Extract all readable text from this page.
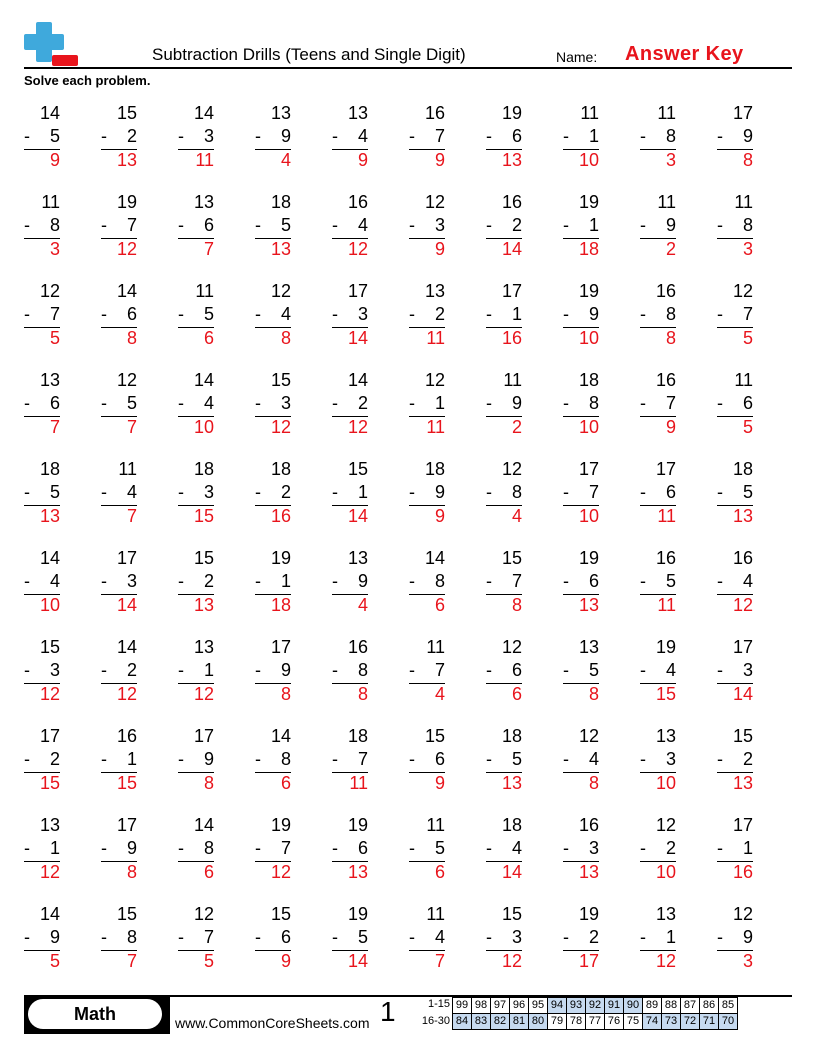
Subtraction Drills (Teens and Single Digit)	Name: Answer Key
Solve each problem.
14
-	5
9
15
-	2
13
14
-	3
11
13
-	9
4
13
-	4
9
16
-	7
9
19
-	6
13
11
-	1
10
11
-	8
3
17
-	9
8
11
-	8
3
19
-	7
12
13
-	6
7
18
-	5
13
16
-	4
12
12
-	3
9
16
-	2
14
19
-	1
18
11
-	9
2
11
-	8
3
12
-	7
5
14
-	6
8
11
-	5
6
12
-	4
8
17
-	3
14
13
-	2
11
17
-	1
16
19
-	9
10
16
-	8
8
12
-	7
5
13
-	6
7
12
-	5
7
14
-	4
10
15
-	3
12
14
-	2
12
12
-	1
11
11
-	9
2
18
-	8
10
16
-	7
9
11
-	6
5
18
-	5
13
11
-	4
7
18
-	3
15
18
-	2
16
15
-	1
14
18
-	9
9
12
-	8
4
17
-	7
10
17
-	6
11
18
-	5
13
14
-	4
10
17
-	3
14
15
-	2
13
19
-	1
18
13
-	9
4
14
-	8
6
15
-	7
8
19
-	6
13
16
-	5
11
16
-	4
12
15
-	3
12
14
-	2
12
13
-	1
12
17
-	9
8
16
-	8
8
11
-	7
4
12
-	6
6
13
-	5
8
19
-	4
15
17
-	3
14
17
-	2
15
16
-	1
15
17
-	9
8
14
-	8
6
18
-	7
11
15
-	6
9
18
-	5
13
12
-	4
8
13
-	3
10
15
-	2
13
13
-	1
12
17
-	9
8
14
-	8
6
19
-	7
12
19
-	6
13
11
-	5
6
18
-	4
14
16
-	3
13
12
-	2
10
17
-	1
16
14
-	9
5
15
-	8
7
12
-	7
5
15
-	6
9
19
-	5
14
11
-	4
7
15
-	3
12
19
-	2
17
13
-	1
12
12
-	9
3
Math	www.CommonCoreSheets.com 1	1-15
16-30
99	98	97	96	95	94	93	92	91	90	89	88	87	86	85
84	83	82	81	80	79	78	77	76	75	74	73	72	71	70
